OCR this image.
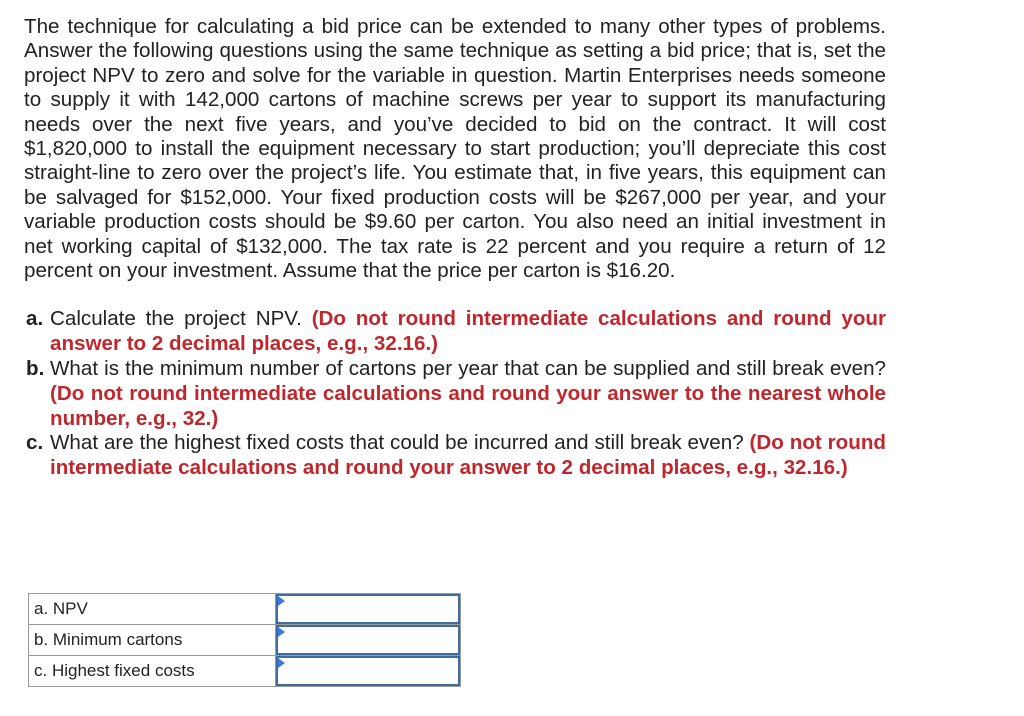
The technique for calculating a bid price can be extended to many other types of problems. Answer the following questions using the same technique as setting a bid price; that is, set the project NPV to zero and solve for the variable in question. Martin Enterprises needs someone to supply it with 142,000 cartons of machine screws per year to support its manufacturing needs over the next five years, and you’ve decided to bid on the contract. It will cost $1,820,000 to install the equipment necessary to start production; you’ll depreciate this cost straight-line to zero over the project’s life. You estimate that, in five years, this equipment can be salvaged for $152,000. Your fixed production costs will be $267,000 per year, and your variable production costs should be $9.60 per carton. You also need an initial investment in net working capital of $132,000. The tax rate is 22 percent and you require a return of 12 percent on your investment. Assume that the price per carton is $16.20.

a. Calculate the project NPV. (Do not round intermediate calculations and round your answer to 2 decimal places, e.g., 32.16.)
b. What is the minimum number of cartons per year that can be supplied and still break even? (Do not round intermediate calculations and round your answer to the nearest whole number, e.g., 32.)
c. What are the highest fixed costs that could be incurred and still break even? (Do not round intermediate calculations and round your answer to 2 decimal places, e.g., 32.16.)
a. NPV	

b. Minimum cartons	

c. Highest fixed costs	
